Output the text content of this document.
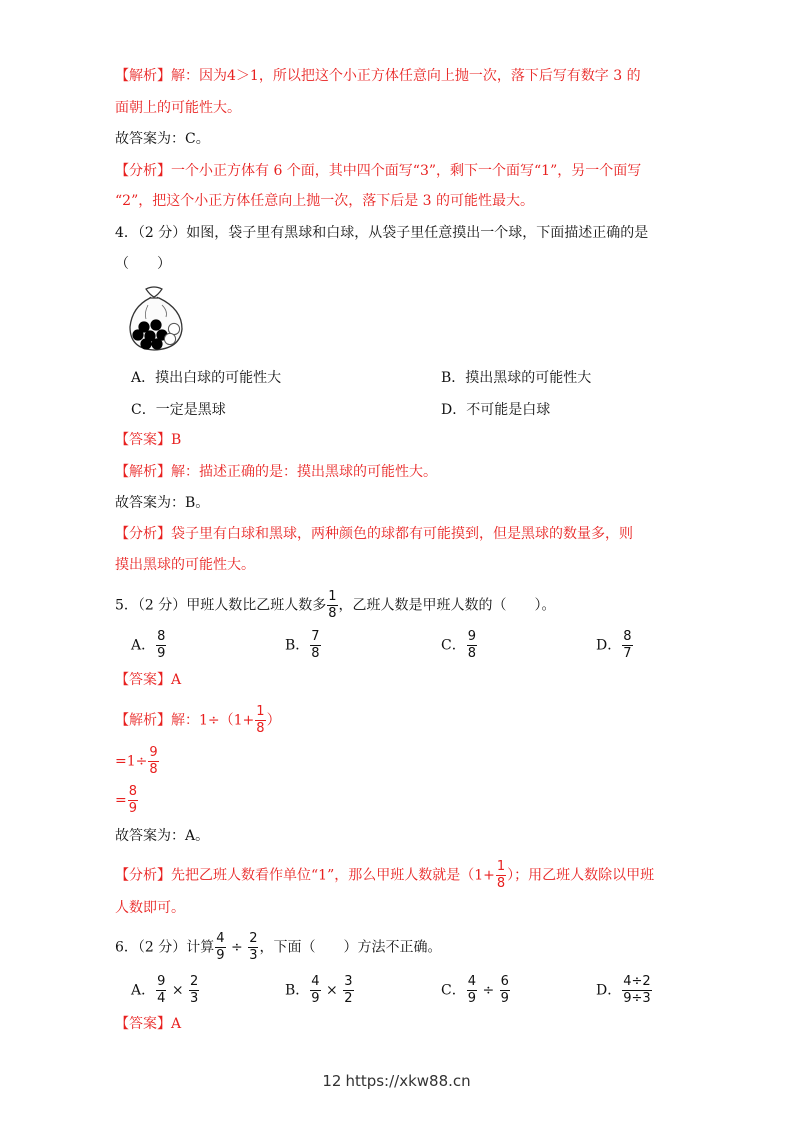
【解析】解：因为4＞1，所以把这个小正方体任意向上抛一次，落下后写有数字 3 的
面朝上的可能性大。
故答案为：C。
【分析】一个小正方体有 6 个面，其中四个面写“3”，剩下一个面写“1”，另一个面写
“2”，把这个小正方体任意向上抛一次，落下后是 3 的可能性最大。
4．（2 分）如图，袋子里有黑球和白球，从袋子里任意摸出一个球，下面描述正确的是
（　　）
A．摸出白球的可能性大	B．摸出黑球的可能性大
C．一定是黑球	D．不可能是白球
【答案】B
【解析】解：描述正确的是：摸出黑球的可能性大。
故答案为：B。
【分析】袋子里有白球和黑球，两种颜色的球都有可能摸到，但是黑球的数量多，则
摸出黑球的可能性大。
5．（2 分）甲班人数比乙班人数多 $\frac{1}{8}$ ，乙班人数是甲班人数的（　　）。
A． $\frac{8}{9}$	B． $\frac{7}{8}$	C． $\frac{9}{8}$	D． $\frac{8}{7}$
【答案】A
【解析】解：$1\div(1+ \frac{1}{8}$ ）
$=1\div \frac{9}{8}$
= $\frac{8}{9}$
故答案为：A。
【分析】先把乙班人数看作单位“1”，那么甲班人数就是（$1+ \frac{1}{8}$ ）；用乙班人数除以甲班
人数即可。
6．（2 分）计算 $\frac{4}{9} \div \frac{2}{3}$ ，下面（　　）方法不正确。
A． $\frac{9}{4} \times \frac{2}{3}$	B． $\frac{4}{9} \times \frac{3}{2}$	C． $\frac{4}{9} \div \frac{6}{9}$	D． $\frac{4\div 2}{9\div 3}$
【答案】A
12 https://xkw88.cn
